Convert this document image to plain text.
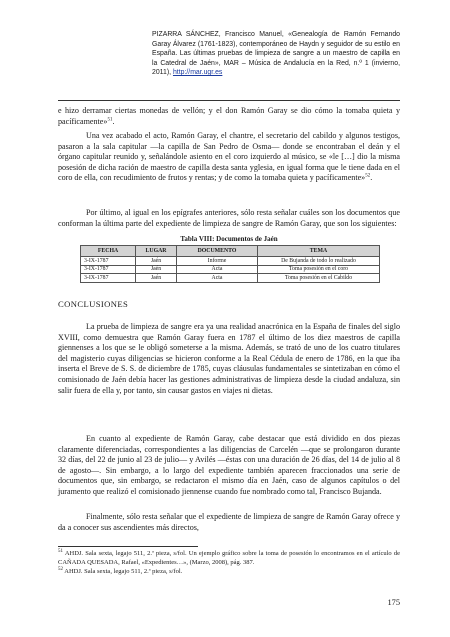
PIZARRA SÁNCHEZ, Francisco Manuel, «Genealogía de Ramón Fernando Garay Álvarez (1761-1823), contemporáneo de Haydn y seguidor de su estilo en España. Las últimas pruebas de limpieza de sangre a un maestro de capilla en la Catedral de Jaén», MAR – Música de Andalucía en la Red, n.º 1 (invierno, 2011), http://mar.ugr.es

e hizo derramar ciertas monedas de vellón; y el don Ramón Garay se dio cómo la tomaba quieta y pacíficamente»$^{51}$.

Una vez acabado el acto, Ramón Garay, el chantre, el secretario del cabildo y algunos testigos, pasaron a la sala capitular —la capilla de San Pedro de Osma— donde se encontraban el deán y el órgano capitular reunido y, señalándole asiento en el coro izquierdo al músico, se «le […] dio la misma posesión de dicha ración de maestro de capilla desta santa yglesia, en igual forma que le tiene dada en el coro de ella, con recudimiento de frutos y rentas; y de como la tomaba quieta y pacíficamente»$^{52}$.

Por último, al igual en los epígrafes anteriores, sólo resta señalar cuáles son los documentos que conforman la última parte del expediente de limpieza de sangre de Ramón Garay, que son los siguientes:

Tabla VIII: Documentos de Jaén
FECHA	LUGAR	DOCUMENTO	TEMA
3-IX-1787	Jaén	Informe	De Bujanda de todo lo realizado
3-IX-1787	Jaén	Acta	Toma posesión en el coro
3-IX-1787	Jaén	Acta	Toma posesión en el Cabildo
CONCLUSIONES

La prueba de limpieza de sangre era ya una realidad anacrónica en la España de finales del siglo XVIII, como demuestra que Ramón Garay fuera en 1787 el último de los diez maestros de capilla giennenses a los que se le obligó someterse a la misma. Además, se trató de uno de los cuatro titulares del magisterio cuyas diligencias se hicieron conforme a la Real Cédula de enero de 1786, en la que iba inserta el Breve de S. S. de diciembre de 1785, cuyas cláusulas fundamentales se sintetizaban en cómo el comisionado de Jaén debía hacer las gestiones administrativas de limpieza desde la ciudad andaluza, sin salir fuera de ella y, por tanto, sin causar gastos en viajes ni dietas.

En cuanto al expediente de Ramón Garay, cabe destacar que está dividido en dos piezas claramente diferenciadas, correspondientes a las diligencias de Carcelén —que se prolongaron durante 32 días, del 22 de junio al 23 de julio— y Avilés —éstas con una duración de 26 días, del 14 de julio al 8 de agosto—. Sin embargo, a lo largo del expediente también aparecen fraccionados una serie de documentos que, sin embargo, se redactaron el mismo día en Jaén, caso de algunos capítulos o del juramento que realizó el comisionado jiennense cuando fue nombrado como tal, Francisco Bujanda.

Finalmente, sólo resta señalar que el expediente de limpieza de sangre de Ramón Garay ofrece y da a conocer sus ascendientes más directos,

$^{51}$ AHDJ. Sala sexta, legajo 511, 2.ª pieza, s/fol. Un ejemplo gráfico sobre la toma de posesión lo encontramos en el artículo de CAÑADA QUESADA, Rafael, «Expedientes…», (Marzo, 2008), pág. 387.

$^{52}$ AHDJ. Sala sexta, legajo 511, 2.ª pieza, s/fol.

175
